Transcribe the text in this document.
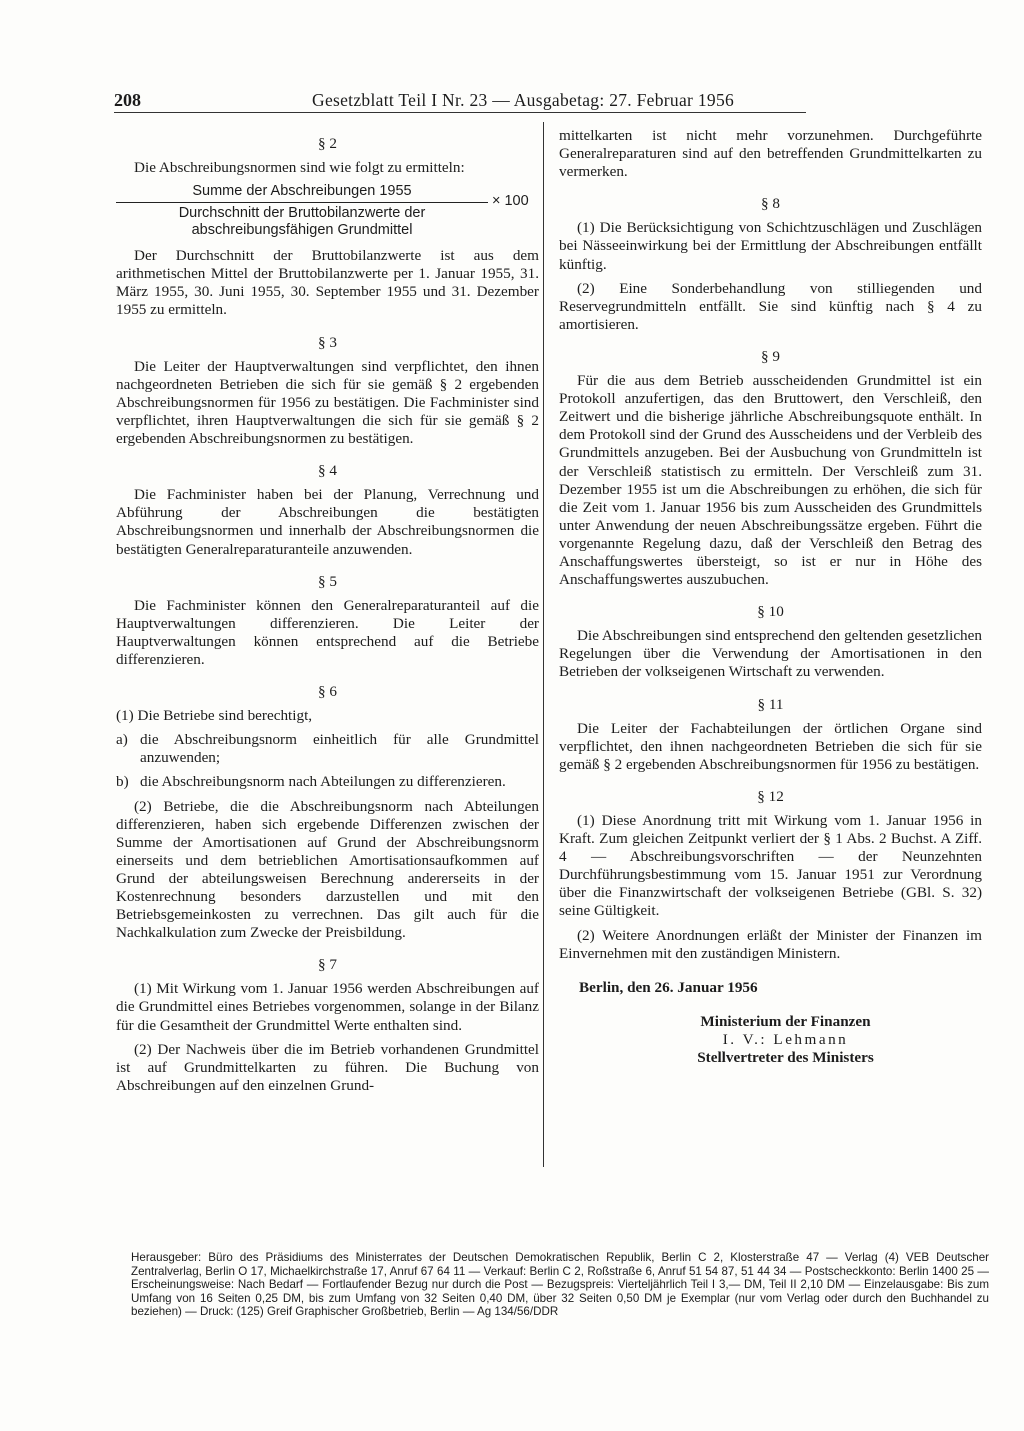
208	Gesetzblatt Teil I Nr. 23 — Ausgabetag: 27. Februar 1956
§ 2

Die Abschreibungsnormen sind wie folgt zu ermitteln:

Summe der Abschreibungen 1955
Durchschnitt der Bruttobilanzwerte der abschreibungsfähigen Grundmittel
× 100

Der Durchschnitt der Bruttobilanzwerte ist aus dem arithmetischen Mittel der Bruttobilanzwerte per 1. Januar 1955, 31. März 1955, 30. Juni 1955, 30. September 1955 und 31. Dezember 1955 zu ermitteln.

§ 3

Die Leiter der Hauptverwaltungen sind verpflichtet, den ihnen nachgeordneten Betrieben die sich für sie gemäß § 2 ergebenden Abschreibungsnormen für 1956 zu bestätigen. Die Fachminister sind verpflichtet, ihren Hauptverwaltungen die sich für sie gemäß § 2 ergebenden Abschreibungsnormen zu bestätigen.

§ 4

Die Fachminister haben bei der Planung, Verrechnung und Abführung der Abschreibungen die bestätigten Abschreibungsnormen und innerhalb der Abschreibungsnormen die bestätigten Generalreparaturanteile anzuwenden.

§ 5

Die Fachminister können den Generalreparaturanteil auf die Hauptverwaltungen differenzieren. Die Leiter der Hauptverwaltungen können entsprechend auf die Betriebe differenzieren.

§ 6

(1) Die Betriebe sind berechtigt,

a) die Abschreibungsnorm einheitlich für alle Grundmittel anzuwenden;

b) die Abschreibungsnorm nach Abteilungen zu differenzieren.

(2) Betriebe, die die Abschreibungsnorm nach Abteilungen differenzieren, haben sich ergebende Differenzen zwischen der Summe der Amortisationen auf Grund der Abschreibungsnorm einerseits und dem betrieblichen Amortisationsaufkommen auf Grund der abteilungsweisen Berechnung andererseits in der Kostenrechnung besonders darzustellen und mit den Betriebsgemeinkosten zu verrechnen. Das gilt auch für die Nachkalkulation zum Zwecke der Preisbildung.

§ 7

(1) Mit Wirkung vom 1. Januar 1956 werden Abschreibungen auf die Grundmittel eines Betriebes vorgenommen, solange in der Bilanz für die Gesamtheit der Grundmittel Werte enthalten sind.

(2) Der Nachweis über die im Betrieb vorhandenen Grundmittel ist auf Grundmittelkarten zu führen. Die Buchung von Abschreibungen auf den einzelnen Grund-

mittelkarten ist nicht mehr vorzunehmen. Durchgeführte Generalreparaturen sind auf den betreffenden Grundmittelkarten zu vermerken.

§ 8

(1) Die Berücksichtigung von Schichtzuschlägen und Zuschlägen bei Nässeeinwirkung bei der Ermittlung der Abschreibungen entfällt künftig.

(2) Eine Sonderbehandlung von stilliegenden und Reservegrundmitteln entfällt. Sie sind künftig nach § 4 zu amortisieren.

§ 9

Für die aus dem Betrieb ausscheidenden Grundmittel ist ein Protokoll anzufertigen, das den Bruttowert, den Verschleiß, den Zeitwert und die bisherige jährliche Abschreibungsquote enthält. In dem Protokoll sind der Grund des Ausscheidens und der Verbleib des Grundmittels anzugeben. Bei der Ausbuchung von Grundmitteln ist der Verschleiß statistisch zu ermitteln. Der Verschleiß zum 31. Dezember 1955 ist um die Abschreibungen zu erhöhen, die sich für die Zeit vom 1. Januar 1956 bis zum Ausscheiden des Grundmittels unter Anwendung der neuen Abschreibungssätze ergeben. Führt die vorgenannte Regelung dazu, daß der Verschleiß den Betrag des Anschaffungswertes übersteigt, so ist er nur in Höhe des Anschaffungswertes auszubuchen.

§ 10

Die Abschreibungen sind entsprechend den geltenden gesetzlichen Regelungen über die Verwendung der Amortisationen in den Betrieben der volkseigenen Wirtschaft zu verwenden.

§ 11

Die Leiter der Fachabteilungen der örtlichen Organe sind verpflichtet, den ihnen nachgeordneten Betrieben die sich für sie gemäß § 2 ergebenden Abschreibungsnormen für 1956 zu bestätigen.

§ 12

(1) Diese Anordnung tritt mit Wirkung vom 1. Januar 1956 in Kraft. Zum gleichen Zeitpunkt verliert der § 1 Abs. 2 Buchst. A Ziff. 4 — Abschreibungsvorschriften — der Neunzehnten Durchführungsbestimmung vom 15. Januar 1951 zur Verordnung über die Finanzwirtschaft der volkseigenen Betriebe (GBl. S. 32) seine Gültigkeit.

(2) Weitere Anordnungen erläßt der Minister der Finanzen im Einvernehmen mit den zuständigen Ministern.

Berlin, den 26. Januar 1956

Ministerium der Finanzen
I. V.: Lehmann
Stellvertreter des Ministers
Herausgeber: Büro des Präsidiums des Ministerrates der Deutschen Demokratischen Republik, Berlin C 2, Klosterstraße 47 — Verlag (4) VEB Deutscher Zentralverlag, Berlin O 17, Michaelkirchstraße 17, Anruf 67 64 11 — Verkauf: Berlin C 2, Roßstraße 6, Anruf 51 54 87, 51 44 34 — Postscheckkonto: Berlin 1400 25 — Erscheinungsweise: Nach Bedarf — Fortlaufender Bezug nur durch die Post — Bezugspreis: Vierteljährlich Teil I 3,— DM, Teil II 2,10 DM — Einzelausgabe: Bis zum Umfang von 16 Seiten 0,25 DM, bis zum Umfang von 32 Seiten 0,40 DM, über 32 Seiten 0,50 DM je Exemplar (nur vom Verlag oder durch den Buchhandel zu beziehen) — Druck: (125) Greif Graphischer Großbetrieb, Berlin — Ag 134/56/DDR
